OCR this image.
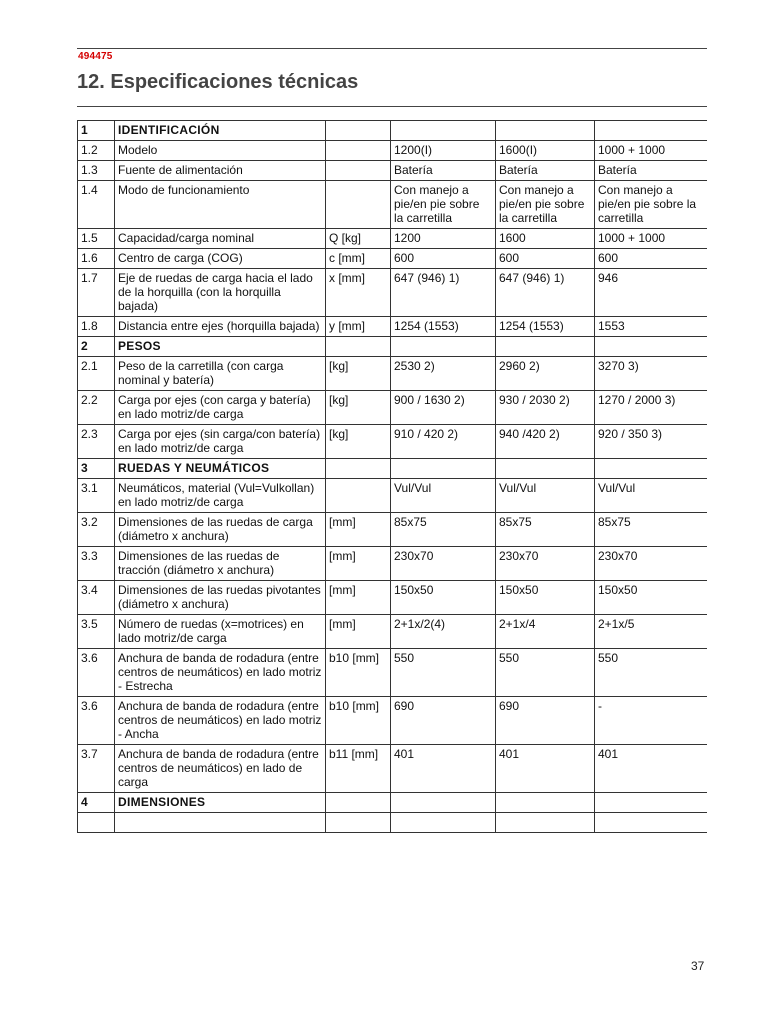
494475
12. Especificaciones técnicas
1	IDENTIFICACIÓN				
1.2	Modelo		1200(I)	1600(I)	1000 + 1000
1.3	Fuente de alimentación		Batería	Batería	Batería
1.4	Modo de funcionamiento		Con manejo a pie/en pie sobre la carretilla	Con manejo a pie/en pie sobre la carretilla	Con manejo a pie/en pie sobre la carretilla
1.5	Capacidad/carga nominal	Q [kg]	1200	1600	1000 + 1000
1.6	Centro de carga (COG)	c [mm]	600	600	600
1.7	Eje de ruedas de carga hacia el lado de la horquilla (con la horquilla bajada)	x [mm]	647 (946) 1)	647 (946) 1)	946
1.8	Distancia entre ejes (horquilla bajada)	y [mm]	1254 (1553)	1254 (1553)	1553
2	PESOS				
2.1	Peso de la carretilla (con carga nominal y batería)	[kg]	2530 2)	2960 2)	3270 3)
2.2	Carga por ejes (con carga y batería) en lado motriz/de carga	[kg]	900 / 1630 2)	930 / 2030 2)	1270 / 2000 3)
2.3	Carga por ejes (sin carga/con batería) en lado motriz/de carga	[kg]	910 / 420 2)	940 /420 2)	920 / 350 3)
3	RUEDAS Y NEUMÁTICOS				
3.1	Neumáticos, material (Vul=Vulkollan) en lado motriz/de carga		Vul/Vul	Vul/Vul	Vul/Vul
3.2	Dimensiones de las ruedas de carga (diámetro x anchura)	[mm]	85x75	85x75	85x75
3.3	Dimensiones de las ruedas de tracción (diámetro x anchura)	[mm]	230x70	230x70	230x70
3.4	Dimensiones de las ruedas pivotantes (diámetro x anchura)	[mm]	150x50	150x50	150x50
3.5	Número de ruedas (x=motrices) en lado motriz/de carga	[mm]	2+1x/2(4)	2+1x/4	2+1x/5
3.6	Anchura de banda de rodadura (entre centros de neumáticos) en lado motriz - Estrecha	b10 [mm]	550	550	550
3.6	Anchura de banda de rodadura (entre centros de neumáticos) en lado motriz - Ancha	b10 [mm]	690	690	-
3.7	Anchura de banda de rodadura (entre centros de neumáticos) en lado de carga	b11 [mm]	401	401	401
4	DIMENSIONES				

37
